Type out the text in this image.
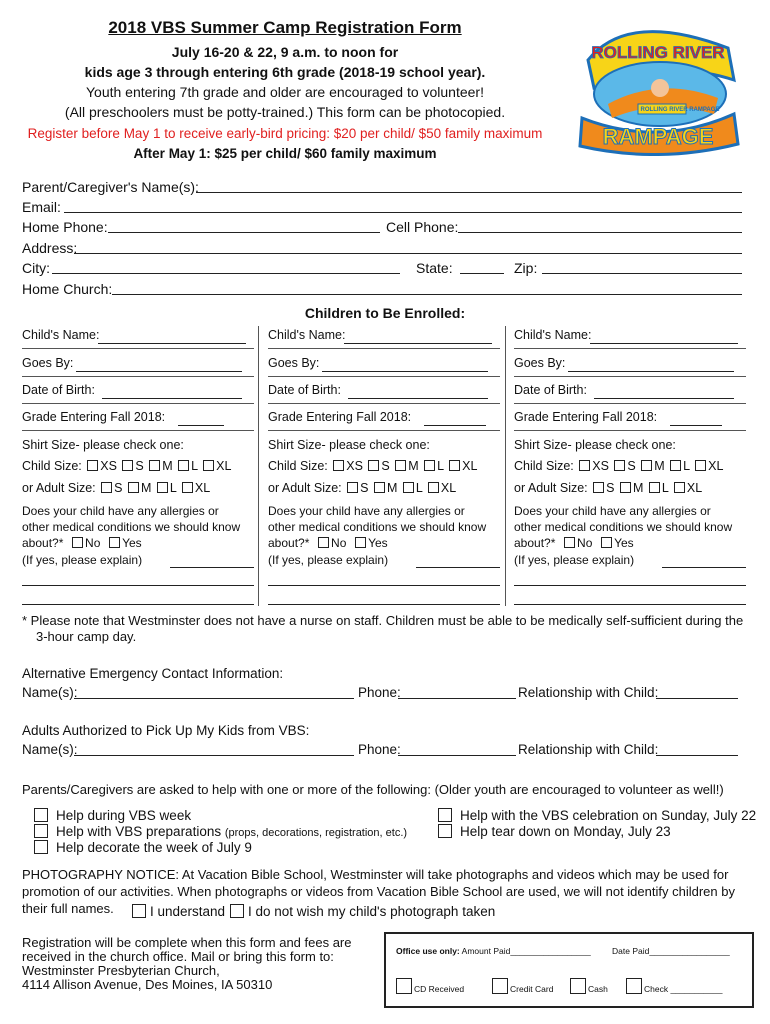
2018 VBS Summer Camp Registration Form
July 16-20 & 22, 9 a.m. to noon for
kids age 3 through entering 6th grade (2018-19 school year).
Youth entering 7th grade and older are encouraged to volunteer!
(All preschoolers must be potty-trained.) This form can be photocopied.
Register before May 1 to receive early-bird pricing: $20 per child/ $50 family maximum
After May 1: $25 per child/ $60 family maximum
ROLLING RIVER
ROLLING RIVER RAMPAGE
RAMPAGE
Parent/Caregiver's Name(s):
Email:
Home Phone:	Cell Phone:
Address:
City:	State:	Zip:
Home Church:
Children to Be Enrolled:
Child's Name:
Goes By:
Date of Birth:
Grade Entering Fall 2018:
Shirt Size- please check one:
Child Size: XS S M L XL
or Adult Size: S M L XL
Does your child have any allergies or
other medical conditions we should know
about?* No Yes
(If yes, please explain)
Child's Name:
Goes By:
Date of Birth:
Grade Entering Fall 2018:
Shirt Size- please check one:
Child Size: XS S M L XL
or Adult Size: S M L XL
Does your child have any allergies or
other medical conditions we should know
about?* No Yes
(If yes, please explain)
Child's Name:
Goes By:
Date of Birth:
Grade Entering Fall 2018:
Shirt Size- please check one:
Child Size: XS S M L XL
or Adult Size: S M L XL
Does your child have any allergies or
other medical conditions we should know
about?* No Yes
(If yes, please explain)
* Please note that Westminster does not have a nurse on staff. Children must be able to be medically self-sufficient during the
3-hour camp day.
Alternative Emergency Contact Information:
Name(s):	Phone:	Relationship with Child:
Adults Authorized to Pick Up My Kids from VBS:
Name(s):	Phone:	Relationship with Child:
Parents/Caregivers are asked to help with one or more of the following: (Older youth are encouraged to volunteer as well!)
Help during VBS week
Help with VBS preparations (props, decorations, registration, etc.)
Help decorate the week of July 9
Help with the VBS celebration on Sunday, July 22
Help tear down on Monday, July 23
PHOTOGRAPHY NOTICE: At Vacation Bible School, Westminster will take photographs and videos which may be used for
promotion of our activities. When photographs or videos from Vacation Bible School are used, we will not identify children by
their full names.	I understand	I do not wish my child's photograph taken
Registration will be complete when this form and fees are
received in the church office. Mail or bring this form to:
Westminster Presbyterian Church,
4114 Allison Avenue, Des Moines, IA 50310
Office use only: Amount Paid_________________	Date Paid_________________
CD Received	Credit Card	Cash	Check ___________
